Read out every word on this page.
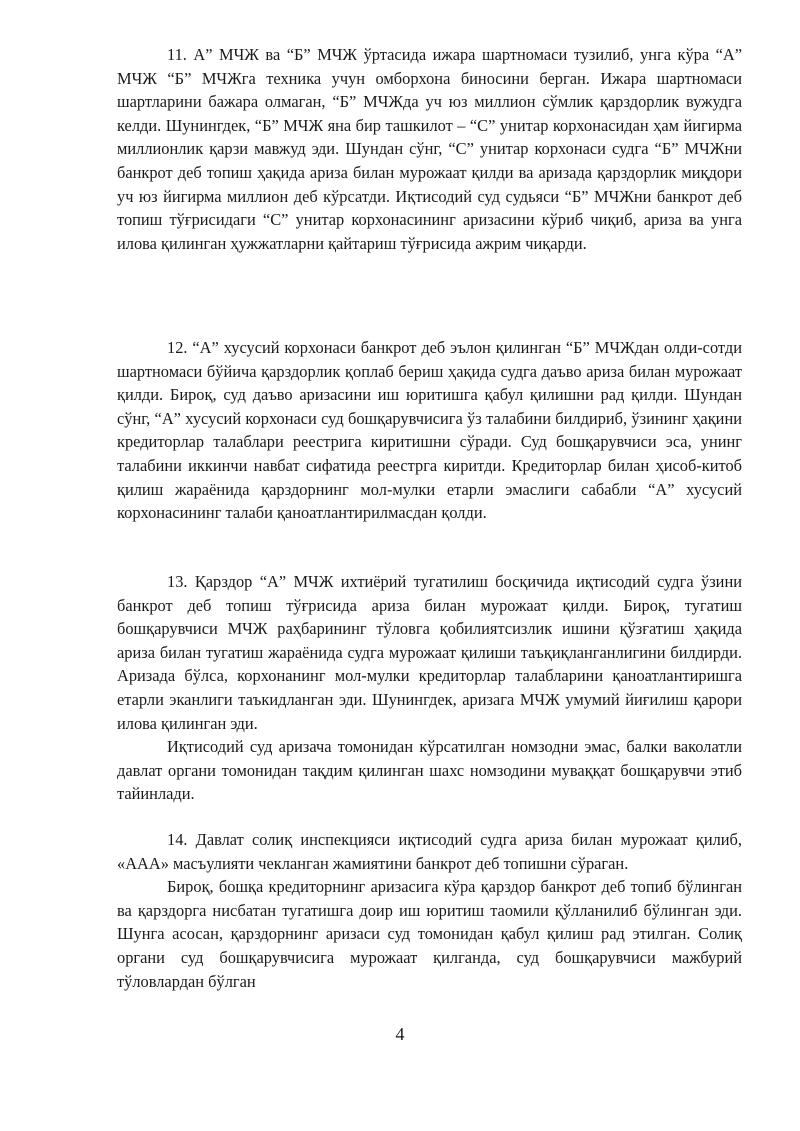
11. А” МЧЖ ва “Б” МЧЖ ўртасида ижара шартномаси тузилиб, унга кўра “А” МЧЖ “Б” МЧЖга техника учун омборхона биносини берган. Ижара шартномаси шартларини бажара олмаган, “Б” МЧЖда уч юз миллион сўмлик қарздорлик вужудга келди. Шунингдек, “Б” МЧЖ яна бир ташкилот – “С” унитар корхонасидан ҳам йигирма миллионлик қарзи мавжуд эди. Шундан сўнг, “С” унитар корхонаси судга “Б” МЧЖни банкрот деб топиш ҳақида ариза билан мурожаат қилди ва аризада қарздорлик миқдори уч юз йигирма миллион деб кўрсатди. Иқтисодий суд судьяси “Б” МЧЖни банкрот деб топиш тўғрисидаги “С” унитар корхонасининг аризасини кўриб чиқиб, ариза ва унга илова қилинган ҳужжатларни қайтариш тўғрисида ажрим чиқарди.

12. “А” хусусий корхонаси банкрот деб эълон қилинган “Б” МЧЖдан олди-сотди шартномаси бўйича қарздорлик қоплаб бериш ҳақида судга даъво ариза билан мурожаат қилди. Бироқ, суд даъво аризасини иш юритишга қабул қилишни рад қилди. Шундан сўнг, “А” хусусий корхонаси суд бошқарувчисига ўз талабини билдириб, ўзининг ҳақини кредиторлар талаблари реестрига киритишни сўради. Суд бошқарувчиси эса, унинг талабини иккинчи навбат сифатида реестрга киритди. Кредиторлар билан ҳисоб-китоб қилиш жараёнида қарздорнинг мол-мулки етарли эмаслиги сабабли “А” хусусий корхонасининг талаби қаноатлантирилмасдан қолди.

13. Қарздор “А” МЧЖ ихтиёрий тугатилиш босқичида иқтисодий судга ўзини банкрот деб топиш тўғрисида ариза билан мурожаат қилди. Бироқ, тугатиш бошқарувчиси МЧЖ раҳбарининг тўловга қобилиятсизлик ишини қўзғатиш ҳақида ариза билан тугатиш жараёнида судга мурожаат қилиши таъқиқланганлигини билдирди. Аризада бўлса, корхонанинг мол-мулки кредиторлар талабларини қаноатлантиришга етарли эканлиги таъкидланган эди. Шунингдек, аризага МЧЖ умумий йиғилиш қарори илова қилинган эди.

Иқтисодий суд аризача томонидан кўрсатилган номзодни эмас, балки ваколатли давлат органи томонидан тақдим қилинган шахс номзодини муваққат бошқарувчи этиб тайинлади.

14. Давлат солиқ инспекцияси иқтисодий судга ариза билан мурожаат қилиб, «ААА» масъулияти чекланган жамиятини банкрот деб топишни сўраган.

Бироқ, бошқа кредиторнинг аризасига кўра қарздор банкрот деб топиб бўлинган ва қарздорга нисбатан тугатишга доир иш юритиш таомили қўлланилиб бўлинган эди. Шунга асосан, қарздорнинг аризаси суд томонидан қабул қилиш рад этилган. Солиқ органи суд бошқарувчисига мурожаат қилганда, суд бошқарувчиси мажбурий тўловлардан бўлган

4
